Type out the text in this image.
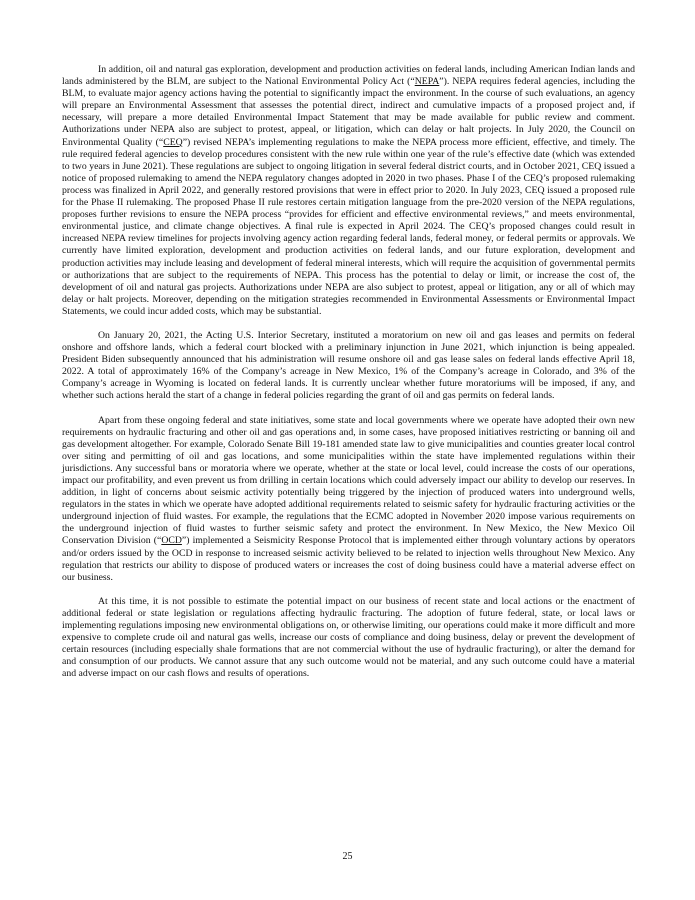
In addition, oil and natural gas exploration, development and production activities on federal lands, including American Indian lands and lands administered by the BLM, are subject to the National Environmental Policy Act (“NEPA”). NEPA requires federal agencies, including the BLM, to evaluate major agency actions having the potential to significantly impact the environment. In the course of such evaluations, an agency will prepare an Environmental Assessment that assesses the potential direct, indirect and cumulative impacts of a proposed project and, if necessary, will prepare a more detailed Environmental Impact Statement that may be made available for public review and comment. Authorizations under NEPA also are subject to protest, appeal, or litigation, which can delay or halt projects. In July 2020, the Council on Environmental Quality (“CEQ”) revised NEPA’s implementing regulations to make the NEPA process more efficient, effective, and timely. The rule required federal agencies to develop procedures consistent with the new rule within one year of the rule’s effective date (which was extended to two years in June 2021). These regulations are subject to ongoing litigation in several federal district courts, and in October 2021, CEQ issued a notice of proposed rulemaking to amend the NEPA regulatory changes adopted in 2020 in two phases. Phase I of the CEQ’s proposed rulemaking process was finalized in April 2022, and generally restored provisions that were in effect prior to 2020. In July 2023, CEQ issued a proposed rule for the Phase II rulemaking. The proposed Phase II rule restores certain mitigation language from the pre-2020 version of the NEPA regulations, proposes further revisions to ensure the NEPA process “provides for efficient and effective environmental reviews,” and meets environmental, environmental justice, and climate change objectives. A final rule is expected in April 2024. The CEQ’s proposed changes could result in increased NEPA review timelines for projects involving agency action regarding federal lands, federal money, or federal permits or approvals. We currently have limited exploration, development and production activities on federal lands, and our future exploration, development and production activities may include leasing and development of federal mineral interests, which will require the acquisition of governmental permits or authorizations that are subject to the requirements of NEPA. This process has the potential to delay or limit, or increase the cost of, the development of oil and natural gas projects. Authorizations under NEPA are also subject to protest, appeal or litigation, any or all of which may delay or halt projects. Moreover, depending on the mitigation strategies recommended in Environmental Assessments or Environmental Impact Statements, we could incur added costs, which may be substantial.

On January 20, 2021, the Acting U.S. Interior Secretary, instituted a moratorium on new oil and gas leases and permits on federal onshore and offshore lands, which a federal court blocked with a preliminary injunction in June 2021, which injunction is being appealed. President Biden subsequently announced that his administration will resume onshore oil and gas lease sales on federal lands effective April 18, 2022. A total of approximately 16% of the Company’s acreage in New Mexico, 1% of the Company’s acreage in Colorado, and 3% of the Company’s acreage in Wyoming is located on federal lands. It is currently unclear whether future moratoriums will be imposed, if any, and whether such actions herald the start of a change in federal policies regarding the grant of oil and gas permits on federal lands.

Apart from these ongoing federal and state initiatives, some state and local governments where we operate have adopted their own new requirements on hydraulic fracturing and other oil and gas operations and, in some cases, have proposed initiatives restricting or banning oil and gas development altogether. For example, Colorado Senate Bill 19-181 amended state law to give municipalities and counties greater local control over siting and permitting of oil and gas locations, and some municipalities within the state have implemented regulations within their jurisdictions. Any successful bans or moratoria where we operate, whether at the state or local level, could increase the costs of our operations, impact our profitability, and even prevent us from drilling in certain locations which could adversely impact our ability to develop our reserves. In addition, in light of concerns about seismic activity potentially being triggered by the injection of produced waters into underground wells, regulators in the states in which we operate have adopted additional requirements related to seismic safety for hydraulic fracturing activities or the underground injection of fluid wastes. For example, the regulations that the ECMC adopted in November 2020 impose various requirements on the underground injection of fluid wastes to further seismic safety and protect the environment. In New Mexico, the New Mexico Oil Conservation Division (“OCD”) implemented a Seismicity Response Protocol that is implemented either through voluntary actions by operators and/or orders issued by the OCD in response to increased seismic activity believed to be related to injection wells throughout New Mexico. Any regulation that restricts our ability to dispose of produced waters or increases the cost of doing business could have a material adverse effect on our business.

At this time, it is not possible to estimate the potential impact on our business of recent state and local actions or the enactment of additional federal or state legislation or regulations affecting hydraulic fracturing. The adoption of future federal, state, or local laws or implementing regulations imposing new environmental obligations on, or otherwise limiting, our operations could make it more difficult and more expensive to complete crude oil and natural gas wells, increase our costs of compliance and doing business, delay or prevent the development of certain resources (including especially shale formations that are not commercial without the use of hydraulic fracturing), or alter the demand for and consumption of our products. We cannot assure that any such outcome would not be material, and any such outcome could have a material and adverse impact on our cash flows and results of operations.

25
